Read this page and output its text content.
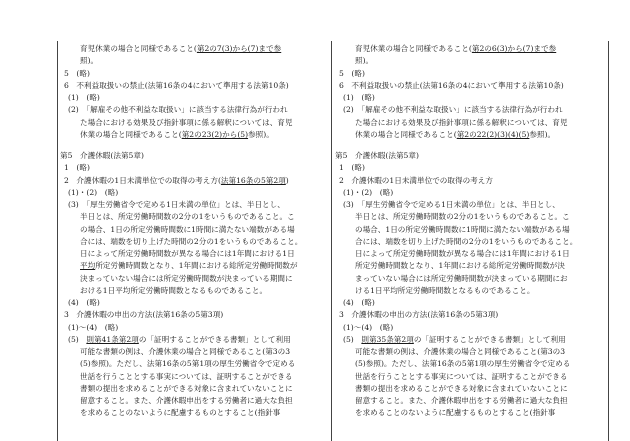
育児休業の場合と同様であること(第2の7(3)から(7)まで参
照)。
5　(略)
6　不利益取扱いの禁止(法第16条の4において準用する法第10条)
(1)　(略)
(2)　「解雇その他不利益な取扱い」に該当する法律行為が行われ
た場合における効果及び指針事項に係る解釈については、育児
休業の場合と同様であること(第2の23(2)から(5)参照)。
第5　介護休暇(法第5章)
1　(略)
2　介護休暇の1日未満単位での取得の考え方(法第16条の5第2項)
(1)・(2)　(略)
(3)　「厚生労働省令で定める1日未満の単位」とは、半日とし、
半日とは、所定労働時間数の2分の1をいうものであること。こ
の場合、1日の所定労働時間数に1時間に満たない端数がある場
合には、端数を切り上げた時間の2分の1をいうものであること。
日によって所定労働時間数が異なる場合には1年間における1日
平均所定労働時間数となり、1年間における総所定労働時間数が
決まっていない場合には所定労働時間数が決まっている期間に
おける1日平均所定労働時間数となるものであること。
(4)　(略)
3　介護休暇の申出の方法(法第16条の5第3項)
(1)～(4)　(略)
(5)　則第41条第2項の「証明することができる書類」として利用
可能な書類の例は、介護休業の場合と同様であること(第3の3
(5)参照)。ただし、法第16条の5第1項の厚生労働省令で定める
世話を行うこととする事実については、証明することができる
書類の提出を求めることができる対象に含まれていないことに
留意すること。また、介護休暇申出をする労働者に過大な負担
を求めることのないように配慮するものとすること(指針事
育児休業の場合と同様であること(第2の6(3)から(7)まで参
照)。
5　(略)
6　不利益取扱いの禁止(法第16条の4において準用する法第10条)
(1)　(略)
(2)　「解雇その他不利益な取扱い」に該当する法律行為が行われ
た場合における効果及び指針事項に係る解釈については、育児
休業の場合と同様であること(第2の22(2)(3)(4)(5)参照)。
第5　介護休暇(法第5章)
1　(略)
2　介護休暇の1日未満単位での取得の考え方
(1)・(2)　(略)
(3)　「厚生労働省令で定める1日未満の単位」とは、半日とし、
半日とは、所定労働時間数の2分の1をいうものであること。こ
の場合、1日の所定労働時間数に1時間に満たない端数がある場
合には、端数を切り上げた時間の2分の1をいうものであること。
日によって所定労働時間数が異なる場合には1年間における1日
所定労働時間数となり、1年間における総所定労働時間数が決
まっていない場合には所定労働時間数が決まっている期間にお
ける1日平均所定労働時間数となるものであること。
(4)　(略)
3　介護休暇の申出の方法(法第16条の5第3項)
(1)～(4)　(略)
(5)　則第35条第2項の「証明することができる書類」として利用
可能な書類の例は、介護休業の場合と同様であること(第3の3
(5)参照)。ただし、法第16条の5第1項の厚生労働省令で定める
世話を行うこととする事実については、証明することができる
書類の提出を求めることができる対象に含まれていないことに
留意すること。また、介護休暇申出をする労働者に過大な負担
を求めることのないように配慮するものとすること(指針事
